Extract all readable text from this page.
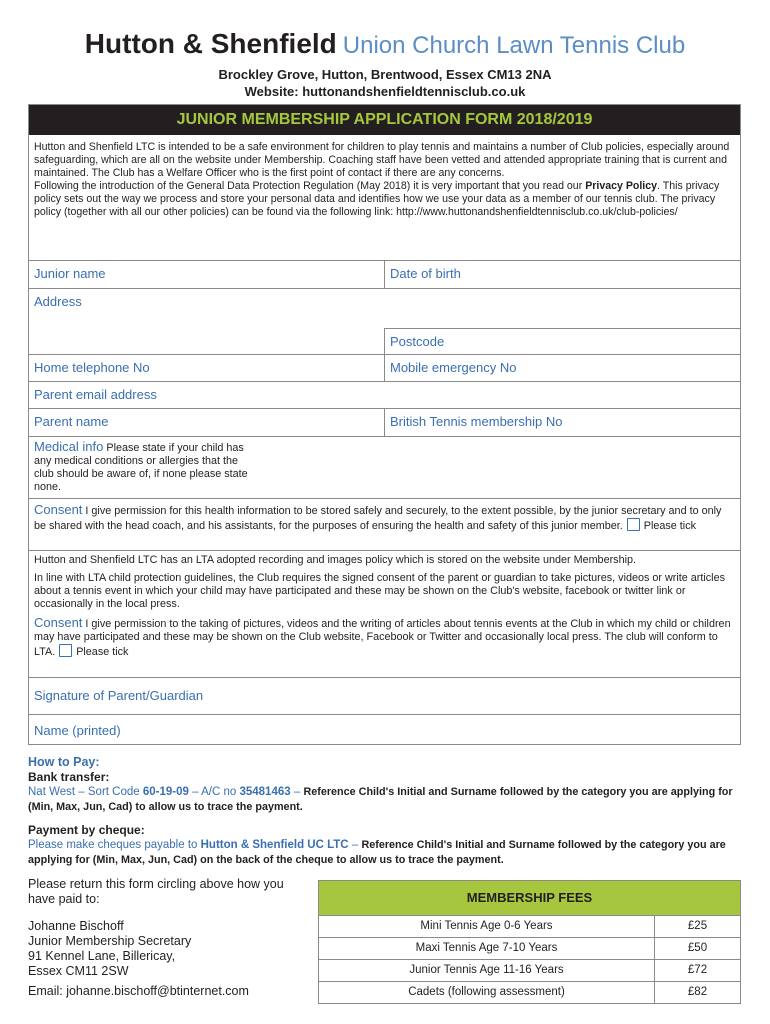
Hutton & Shenfield Union Church Lawn Tennis Club
Brockley Grove, Hutton, Brentwood, Essex CM13 2NA
Website: huttonandshenfieldtennisclub.co.uk
JUNIOR MEMBERSHIP APPLICATION FORM 2018/2019

Hutton and Shenfield LTC is intended to be a safe environment for children to play tennis and maintains a number of Club policies, especially around safeguarding, which are all on the website under Membership. Coaching staff have been vetted and attended appropriate training that is current and maintained. The Club has a Welfare Officer who is the first point of contact if there are any concerns.

Following the introduction of the General Data Protection Regulation (May 2018) it is very important that you read our Privacy Policy. This privacy policy sets out the way we process and store your personal data and identifies how we use your data as a member of our tennis club. The privacy policy (together with all our other policies) can be found via the following link: http://www.huttonandshenfieldtennisclub.co.uk/club-policies/

Junior name	Date of birth
Address
Postcode
Home telephone No	Mobile emergency No
Parent email address
Parent name	British Tennis membership No
Medical info Please state if your child has any medical conditions or allergies that the club should be aware of, if none please state none.
Consent I give permission for this health information to be stored safely and securely, to the extent possible, by the junior secretary and to only be shared with the head coach, and his assistants, for the purposes of ensuring the health and safety of this junior member. Please tick
Hutton and Shenfield LTC has an LTA adopted recording and images policy which is stored on the website under Membership.
In line with LTA child protection guidelines, the Club requires the signed consent of the parent or guardian to take pictures, videos or write articles about a tennis event in which your child may have participated and these may be shown on the Club's website, facebook or twitter link or occasionally in the local press.
Consent I give permission to the taking of pictures, videos and the writing of articles about tennis events at the Club in which my child or children may have participated and these may be shown on the Club website, Facebook or Twitter and occasionally local press. The club will conform to LTA. Please tick
Signature of Parent/Guardian
Name (printed)
How to Pay:
Bank transfer:
Nat West – Sort Code 60-19-09 – A/C no 35481463 – Reference Child's Initial and Surname followed by the category you are applying for (Min, Max, Jun, Cad) to allow us to trace the payment.
Payment by cheque:
Please make cheques payable to Hutton & Shenfield UC LTC – Reference Child's Initial and Surname followed by the category you are applying for (Min, Max, Jun, Cad) on the back of the cheque to allow us to trace the payment.
Please return this form circling above how you have paid to:
Johanne Bischoff
Junior Membership Secretary
91 Kennel Lane, Billericay,
Essex CM11 2SW
Email: johanne.bischoff@btinternet.com
MEMBERSHIP FEES
Mini Tennis Age 0-6 Years	£25
Maxi Tennis Age 7-10 Years	£50
Junior Tennis Age 11-16 Years	£72
Cadets (following assessment)	£82
